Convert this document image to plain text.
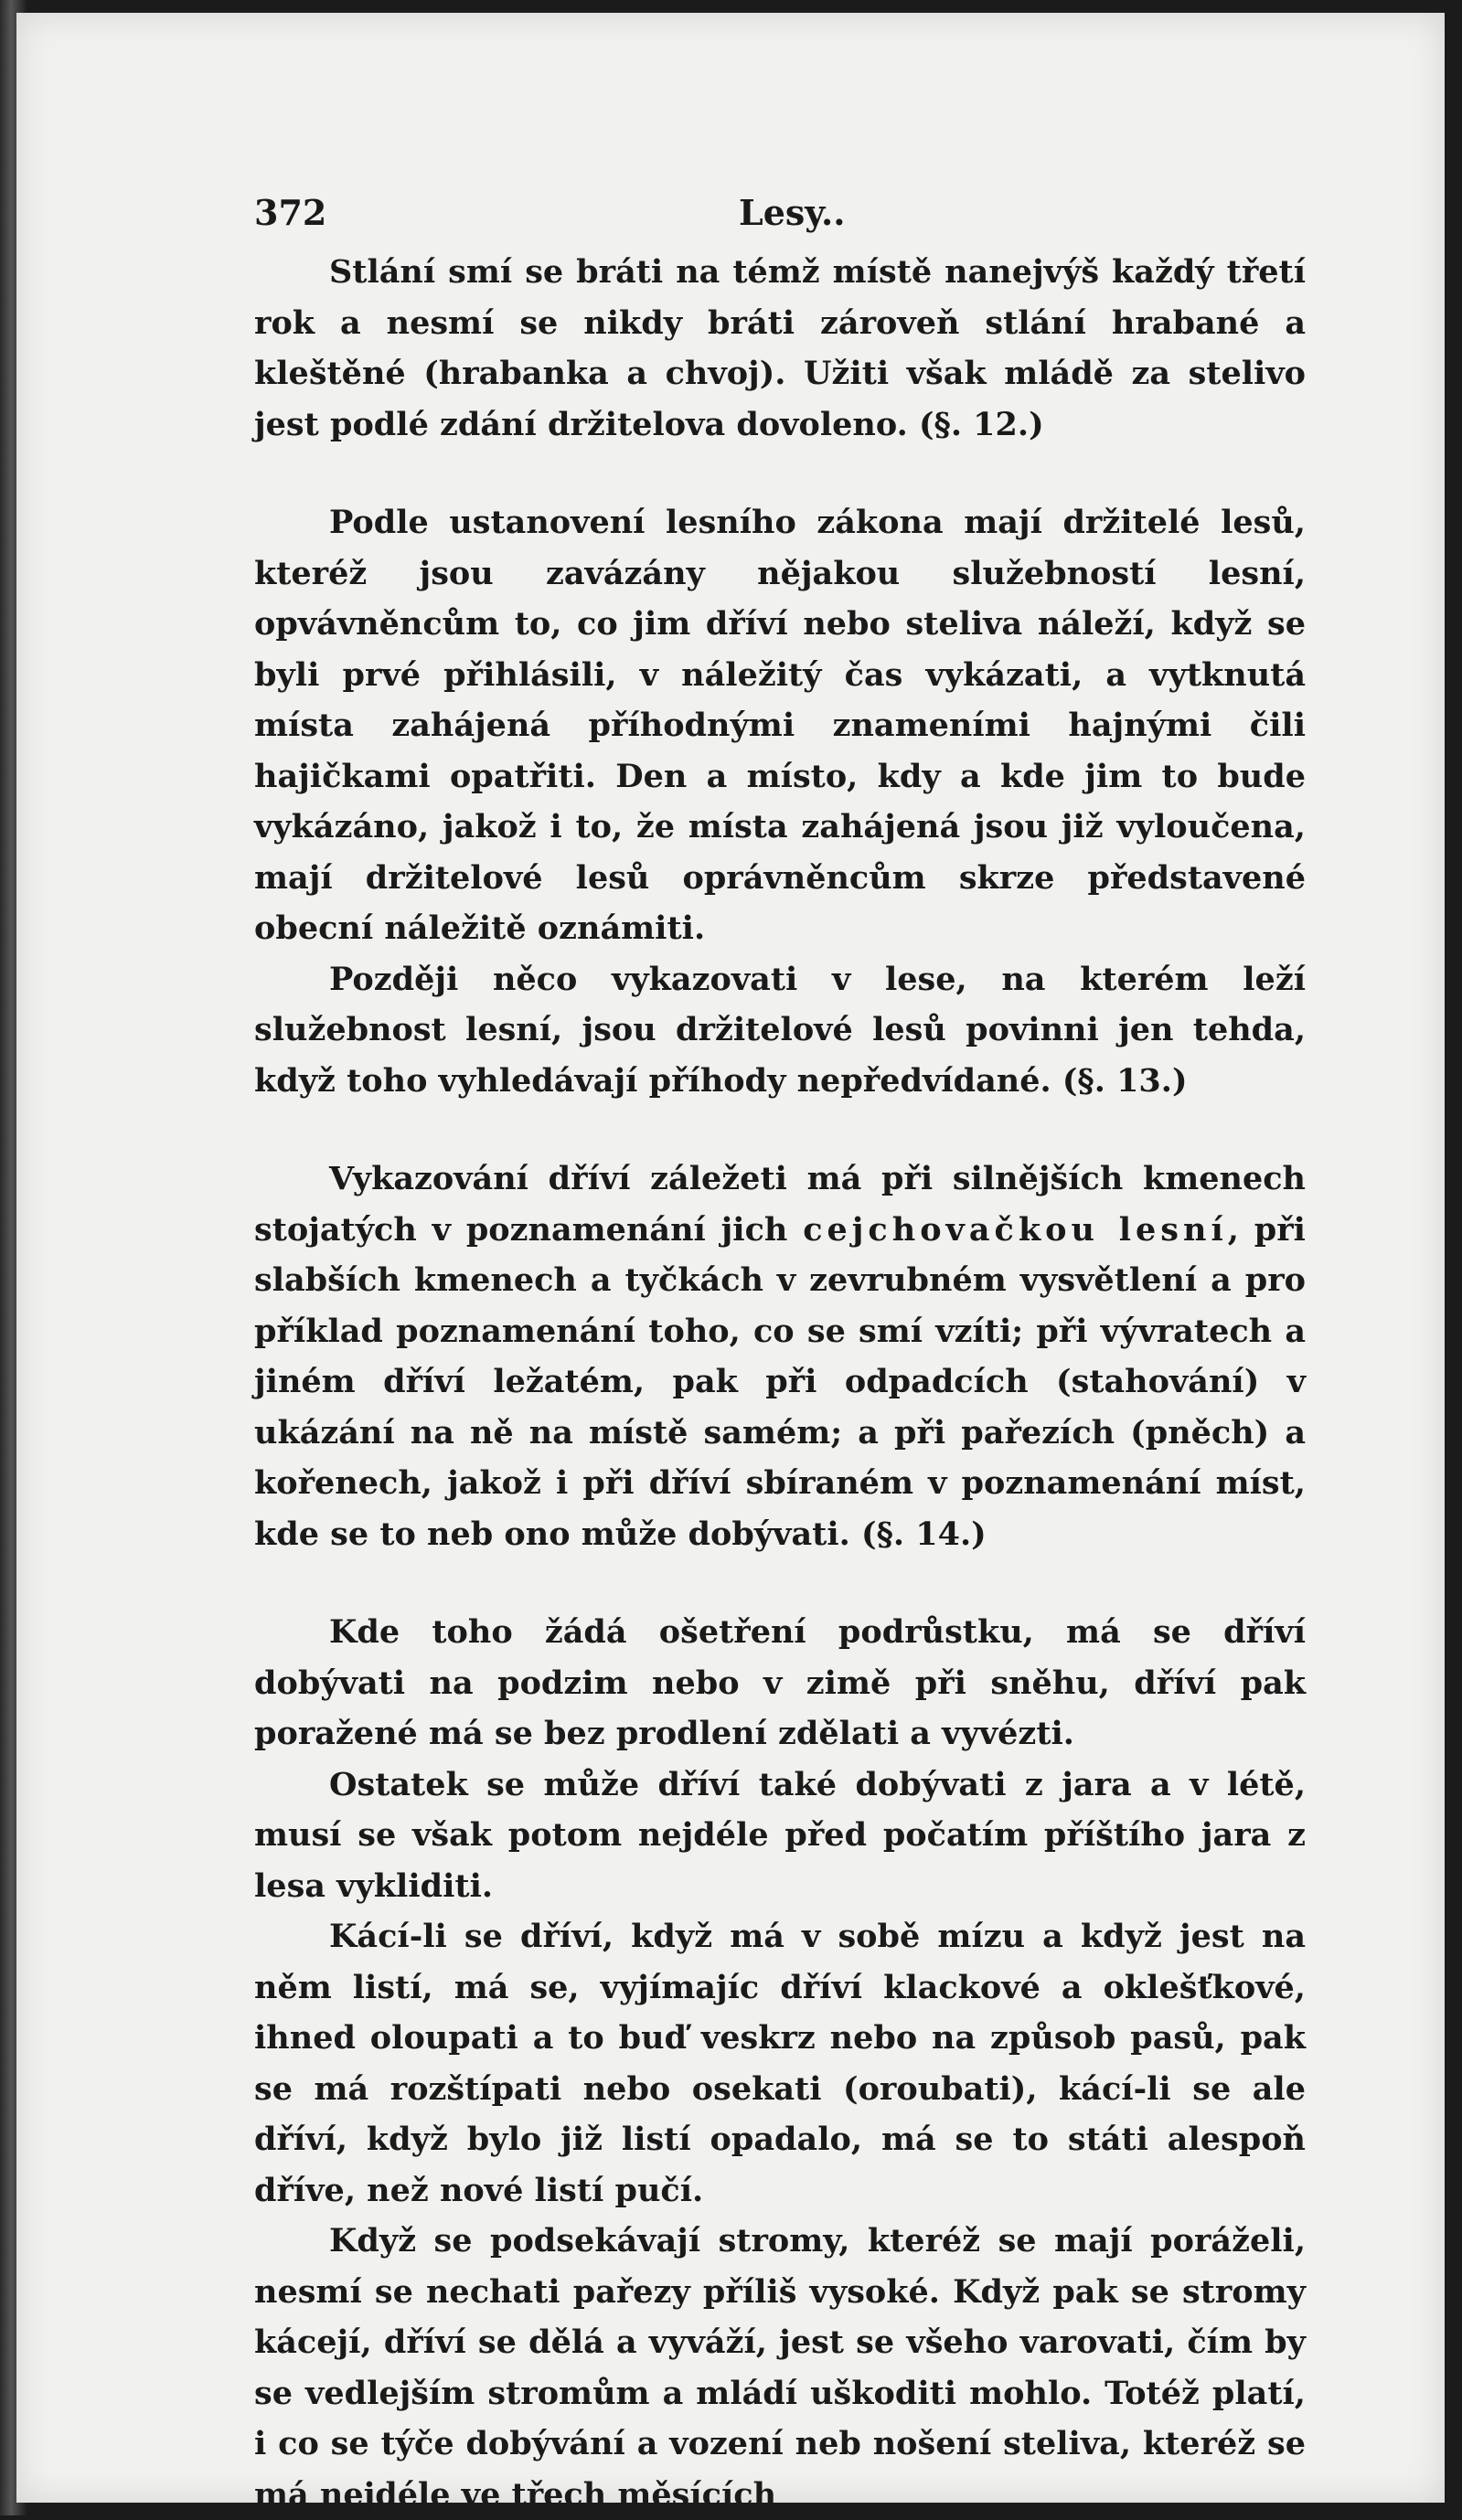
372	Lesy..

Stlání smí se bráti na témž místě nanejvýš každý třetí rok a nesmí se nikdy bráti zároveň stlání hrabané a kleštěné (hrabanka a chvoj). Užiti však mládě za stelivo jest podlé zdání držitelova dovoleno. (§. 12.)

Podle ustanovení lesního zákona mají držitelé lesů, kteréž jsou zavázány nějakou služebností lesní, opvávněncům to, co jim dříví nebo steliva náleží, když se byli prvé přihlásili, v náležitý čas vykázati, a vytknutá místa zahájená příhodnými znameními hajnými čili hajičkami opatřiti. Den a místo, kdy a kde jim to bude vykázáno, jakož i to, že místa zahájená jsou již vyloučena, mají držitelové lesů oprávněncům skrze představené obecní náležitě oznámiti.

Později něco vykazovati v lese, na kterém leží služebnost lesní, jsou držitelové lesů povinni jen tehda, když toho vyhledávají příhody nepředvídané. (§. 13.)

Vykazování dříví záležeti má při silnějších kmenech stojatých v poznamenání jich cejchovačkou lesní, při slabších kmenech a tyčkách v zevrubném vysvětlení a pro příklad poznamenání toho, co se smí vzíti; při vývratech a jiném dříví ležatém, pak při odpadcích (stahování) v ukázání na ně na místě samém; a při pařezích (pněch) a kořenech, jakož i při dříví sbíraném v poznamenání míst, kde se to neb ono může dobývati. (§. 14.)

Kde toho žádá ošetření podrůstku, má se dříví dobývati na podzim nebo v zimě při sněhu, dříví pak poražené má se bez prodlení zdělati a vyvézti.

Ostatek se může dříví také dobývati z jara a v létě, musí se však potom nejdéle před počatím příštího jara z lesa vykliditi.

Kácí-li se dříví, když má v sobě mízu a když jest na něm listí, má se, vyjímajíc dříví klackové a oklešťkové, ihned oloupati a to buď veskrz nebo na způsob pasů, pak se má rozštípati nebo osekati (oroubati), kácí-li se ale dříví, když bylo již listí opadalo, má se to státi alespoň dříve, než nové listí pučí.

Když se podsekávají stromy, kteréž se mají poráželi, nesmí se nechati pařezy příliš vysoké. Když pak se stromy kácejí, dříví se dělá a vyváží, jest se všeho varovati, čím by se vedlejším stromům a mládí uškoditi mohlo. Totéž platí, i co se týče dobývání a vození neb nošení steliva, kteréž se má nejdéle ve třech měsících
